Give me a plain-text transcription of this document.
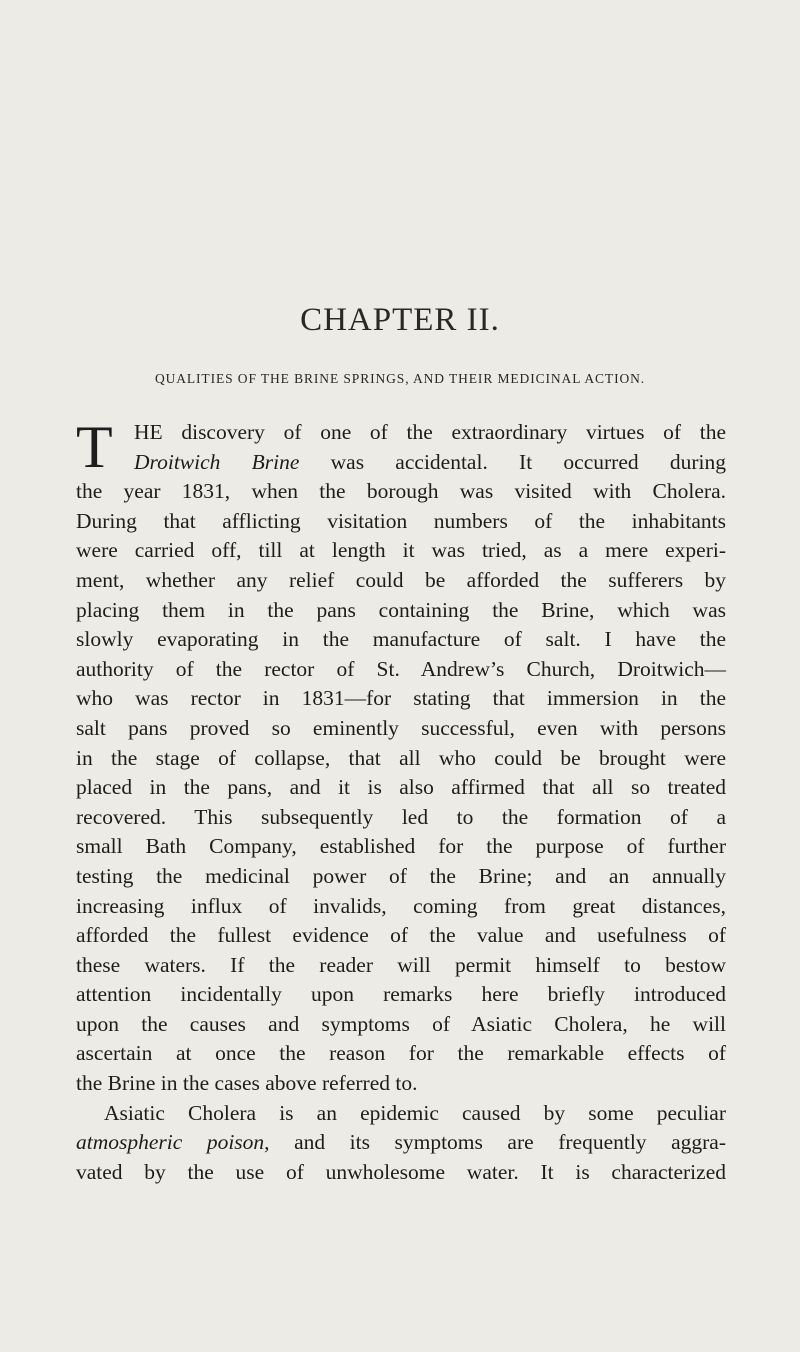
CHAPTER II.
QUALITIES OF THE BRINE SPRINGS, AND THEIR MEDICINAL ACTION.
T HE discovery of one of the extraordinary virtues of the
Droitwich Brine was accidental. It occurred during
the year 1831, when the borough was visited with Cholera.
During that afflicting visitation numbers of the inhabitants
were carried off, till at length it was tried, as a mere experi-
ment, whether any relief could be afforded the sufferers by
placing them in the pans containing the Brine, which was
slowly evaporating in the manufacture of salt. I have the
authority of the rector of St. Andrew’s Church, Droitwich—
who was rector in 1831—for stating that immersion in the
salt pans proved so eminently successful, even with persons
in the stage of collapse, that all who could be brought were
placed in the pans, and it is also affirmed that all so treated
recovered. This subsequently led to the formation of a
small Bath Company, established for the purpose of further
testing the medicinal power of the Brine; and an annually
increasing influx of invalids, coming from great distances,
afforded the fullest evidence of the value and usefulness of
these waters. If the reader will permit himself to bestow
attention incidentally upon remarks here briefly introduced
upon the causes and symptoms of Asiatic Cholera, he will
ascertain at once the reason for the remarkable effects of
the Brine in the cases above referred to.
Asiatic Cholera is an epidemic caused by some peculiar
atmospheric poison, and its symptoms are frequently aggra-
vated by the use of unwholesome water. It is characterized
